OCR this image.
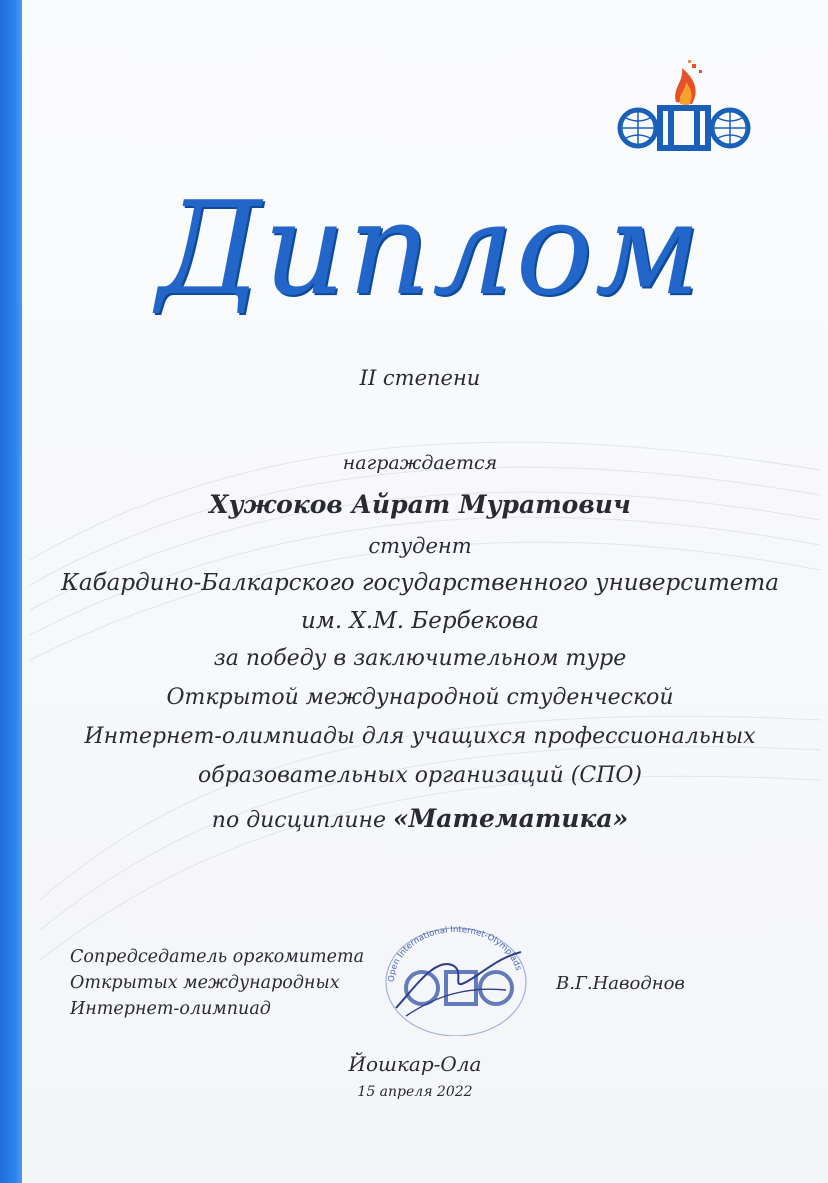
Диплом
II степени
награждается
Хужоков Айрат Муратович
студент
Кабардино-Балкарского государственного университета
им. Х.М. Бербекова
за победу в заключительном туре
Открытой международной студенческой
Интернет-олимпиады для учащихся профессиональных
образовательных организаций (СПО)
по дисциплине «Математика»
Сопредседатель оргкомитета
Открытых международных
Интернет-олимпиад
Open International Internet-Olympiads
В.Г.Наводнов
Йошкар-Ола
15 апреля 2022
